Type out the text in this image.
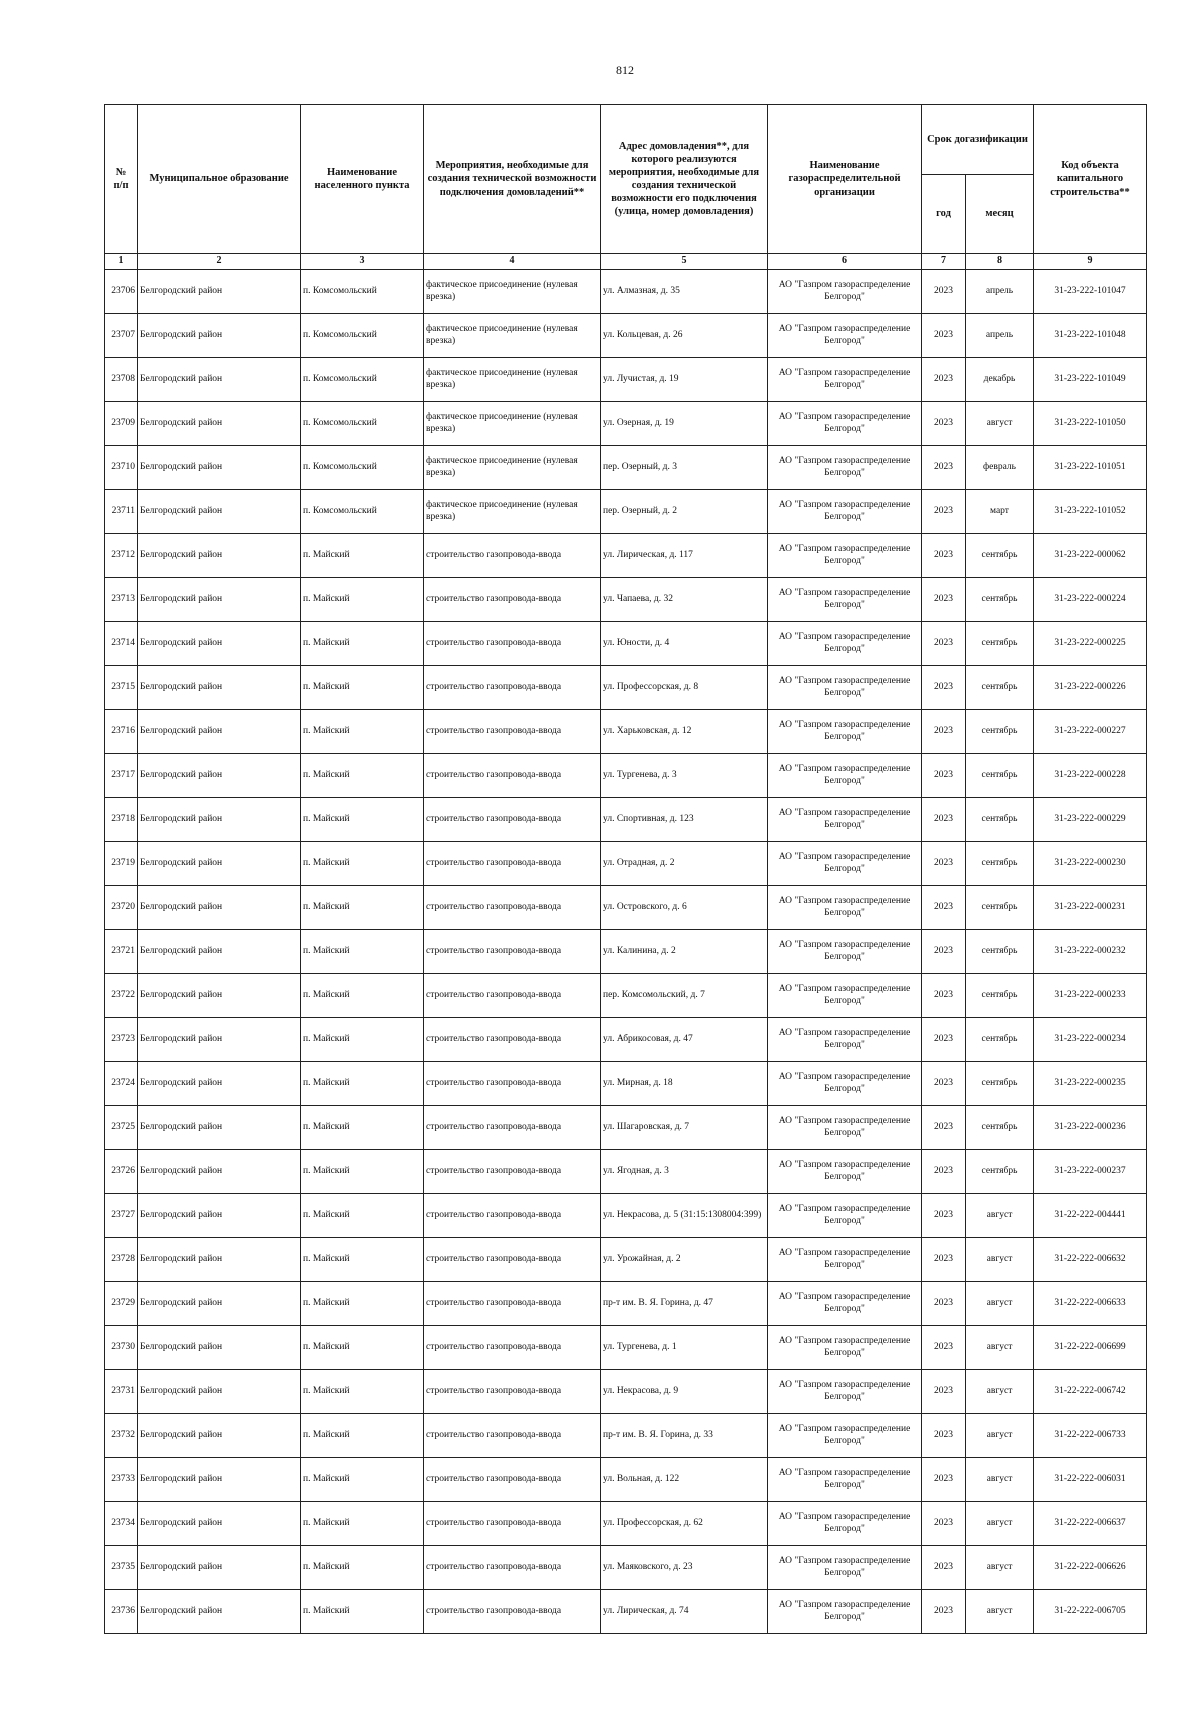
812
№
п/п	Муниципальное образование	Наименование населенного пункта	Мероприятия, необходимые для создания технической возможности подключения домовладений**	Адрес домовладения**, для которого реализуются мероприятия, необходимые для создания технической возможности его подключения (улица, номер домовладения)	Наименование газораспределительной организации	Срок догазификации		Код объекта капитального строительства**
						год	месяц	
1	2	3	4	5	6	7	8	9
23706	Белгородский район	п. Комсомольский	фактическое присоединение (нулевая врезка)	ул. Алмазная, д. 35	АО "Газпром газораспределение Белгород"	2023	апрель	31-23-222-101047
23707	Белгородский район	п. Комсомольский	фактическое присоединение (нулевая врезка)	ул. Кольцевая, д. 26	АО "Газпром газораспределение Белгород"	2023	апрель	31-23-222-101048
23708	Белгородский район	п. Комсомольский	фактическое присоединение (нулевая врезка)	ул. Лучистая, д. 19	АО "Газпром газораспределение Белгород"	2023	декабрь	31-23-222-101049
23709	Белгородский район	п. Комсомольский	фактическое присоединение (нулевая врезка)	ул. Озерная, д. 19	АО "Газпром газораспределение Белгород"	2023	август	31-23-222-101050
23710	Белгородский район	п. Комсомольский	фактическое присоединение (нулевая врезка)	пер. Озерный, д. 3	АО "Газпром газораспределение Белгород"	2023	февраль	31-23-222-101051
23711	Белгородский район	п. Комсомольский	фактическое присоединение (нулевая врезка)	пер. Озерный, д. 2	АО "Газпром газораспределение Белгород"	2023	март	31-23-222-101052
23712	Белгородский район	п. Майский	строительство газопровода-ввода	ул. Лирическая, д. 117	АО "Газпром газораспределение Белгород"	2023	сентябрь	31-23-222-000062
23713	Белгородский район	п. Майский	строительство газопровода-ввода	ул. Чапаева, д. 32	АО "Газпром газораспределение Белгород"	2023	сентябрь	31-23-222-000224
23714	Белгородский район	п. Майский	строительство газопровода-ввода	ул. Юности, д. 4	АО "Газпром газораспределение Белгород"	2023	сентябрь	31-23-222-000225
23715	Белгородский район	п. Майский	строительство газопровода-ввода	ул. Профессорская, д. 8	АО "Газпром газораспределение Белгород"	2023	сентябрь	31-23-222-000226
23716	Белгородский район	п. Майский	строительство газопровода-ввода	ул. Харьковская, д. 12	АО "Газпром газораспределение Белгород"	2023	сентябрь	31-23-222-000227
23717	Белгородский район	п. Майский	строительство газопровода-ввода	ул. Тургенева, д. 3	АО "Газпром газораспределение Белгород"	2023	сентябрь	31-23-222-000228
23718	Белгородский район	п. Майский	строительство газопровода-ввода	ул. Спортивная, д. 123	АО "Газпром газораспределение Белгород"	2023	сентябрь	31-23-222-000229
23719	Белгородский район	п. Майский	строительство газопровода-ввода	ул. Отрадная, д. 2	АО "Газпром газораспределение Белгород"	2023	сентябрь	31-23-222-000230
23720	Белгородский район	п. Майский	строительство газопровода-ввода	ул. Островского, д. 6	АО "Газпром газораспределение Белгород"	2023	сентябрь	31-23-222-000231
23721	Белгородский район	п. Майский	строительство газопровода-ввода	ул. Калинина, д. 2	АО "Газпром газораспределение Белгород"	2023	сентябрь	31-23-222-000232
23722	Белгородский район	п. Майский	строительство газопровода-ввода	пер. Комсомольский, д. 7	АО "Газпром газораспределение Белгород"	2023	сентябрь	31-23-222-000233
23723	Белгородский район	п. Майский	строительство газопровода-ввода	ул. Абрикосовая, д. 47	АО "Газпром газораспределение Белгород"	2023	сентябрь	31-23-222-000234
23724	Белгородский район	п. Майский	строительство газопровода-ввода	ул. Мирная, д. 18	АО "Газпром газораспределение Белгород"	2023	сентябрь	31-23-222-000235
23725	Белгородский район	п. Майский	строительство газопровода-ввода	ул. Шагаровская, д. 7	АО "Газпром газораспределение Белгород"	2023	сентябрь	31-23-222-000236
23726	Белгородский район	п. Майский	строительство газопровода-ввода	ул. Ягодная, д. 3	АО "Газпром газораспределение Белгород"	2023	сентябрь	31-23-222-000237
23727	Белгородский район	п. Майский	строительство газопровода-ввода	ул. Некрасова, д. 5 (31:15:1308004:399)	АО "Газпром газораспределение Белгород"	2023	август	31-22-222-004441
23728	Белгородский район	п. Майский	строительство газопровода-ввода	ул. Урожайная, д. 2	АО "Газпром газораспределение Белгород"	2023	август	31-22-222-006632
23729	Белгородский район	п. Майский	строительство газопровода-ввода	пр-т им. В. Я. Горина, д. 47	АО "Газпром газораспределение Белгород"	2023	август	31-22-222-006633
23730	Белгородский район	п. Майский	строительство газопровода-ввода	ул. Тургенева, д. 1	АО "Газпром газораспределение Белгород"	2023	август	31-22-222-006699
23731	Белгородский район	п. Майский	строительство газопровода-ввода	ул. Некрасова, д. 9	АО "Газпром газораспределение Белгород"	2023	август	31-22-222-006742
23732	Белгородский район	п. Майский	строительство газопровода-ввода	пр-т им. В. Я. Горина, д. 33	АО "Газпром газораспределение Белгород"	2023	август	31-22-222-006733
23733	Белгородский район	п. Майский	строительство газопровода-ввода	ул. Вольная, д. 122	АО "Газпром газораспределение Белгород"	2023	август	31-22-222-006031
23734	Белгородский район	п. Майский	строительство газопровода-ввода	ул. Профессорская, д. 62	АО "Газпром газораспределение Белгород"	2023	август	31-22-222-006637
23735	Белгородский район	п. Майский	строительство газопровода-ввода	ул. Маяковского, д. 23	АО "Газпром газораспределение Белгород"	2023	август	31-22-222-006626
23736	Белгородский район	п. Майский	строительство газопровода-ввода	ул. Лирическая, д. 74	АО "Газпром газораспределение Белгород"	2023	август	31-22-222-006705
